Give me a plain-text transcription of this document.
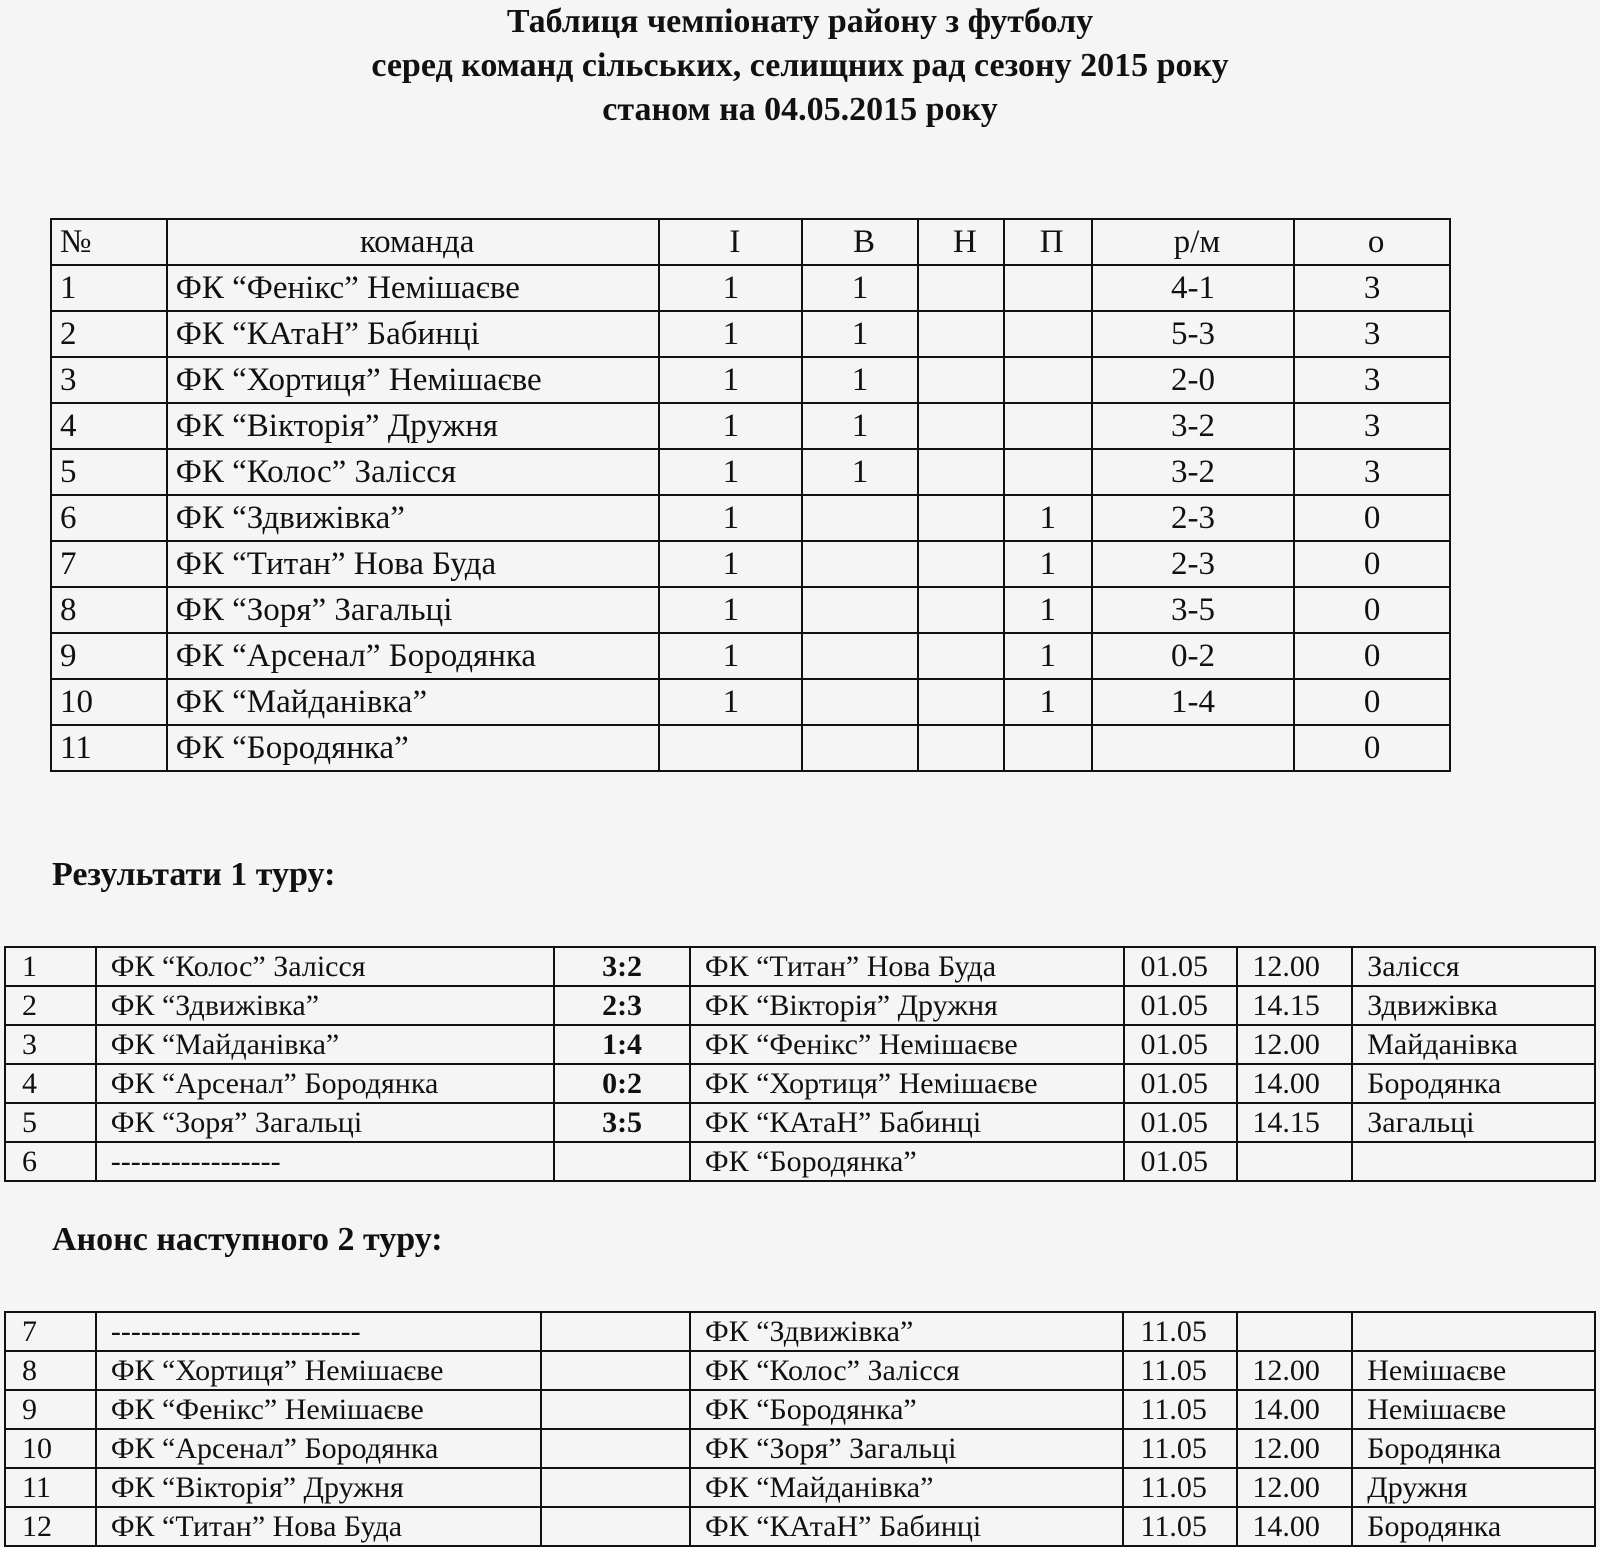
Таблиця чемпіонату району з футболу
серед команд сільських, селищних рад сезону 2015 року
станом на 04.05.2015 року
№	команда	І	В	Н	П	р/м	о
1	ФК “Фенікс” Немішаєве	1	1			4-1	3
2	ФК “КАтаН” Бабинці	1	1			5-3	3
3	ФК “Хортиця” Немішаєве	1	1			2-0	3
4	ФК “Вікторія” Дружня	1	1			3-2	3
5	ФК “Колос” Залісся	1	1			3-2	3
6	ФК “Здвижівка”	1			1	2-3	0
7	ФК “Титан” Нова Буда	1			1	2-3	0
8	ФК “Зоря” Загальці	1			1	3-5	0
9	ФК “Арсенал” Бородянка	1			1	0-2	0
10	ФК “Майданівка”	1			1	1-4	0
11	ФК “Бородянка”						0
Результати 1 туру:
1	ФК “Колос” Залісся	3:2	ФК “Титан” Нова Буда	01.05	12.00	Залісся
2	ФК “Здвижівка”	2:3	ФК “Вікторія” Дружня	01.05	14.15	Здвижівка
3	ФК “Майданівка”	1:4	ФК “Фенікс” Немішаєве	01.05	12.00	Майданівка
4	ФК “Арсенал” Бородянка	0:2	ФК “Хортиця” Немішаєве	01.05	14.00	Бородянка
5	ФК “Зоря” Загальці	3:5	ФК “КАтаН” Бабинці	01.05	14.15	Загальці
6	-----------------		ФК “Бородянка”	01.05		
Анонс наступного 2 туру:
7	-------------------------		ФК “Здвижівка”	11.05		
8	ФК “Хортиця” Немішаєве		ФК “Колос” Залісся	11.05	12.00	Немішаєве
9	ФК “Фенікс” Немішаєве		ФК “Бородянка”	11.05	14.00	Немішаєве
10	ФК “Арсенал” Бородянка		ФК “Зоря” Загальці	11.05	12.00	Бородянка
11	ФК “Вікторія” Дружня		ФК “Майданівка”	11.05	12.00	Дружня
12	ФК “Титан” Нова Буда		ФК “КАтаН” Бабинці	11.05	14.00	Бородянка
